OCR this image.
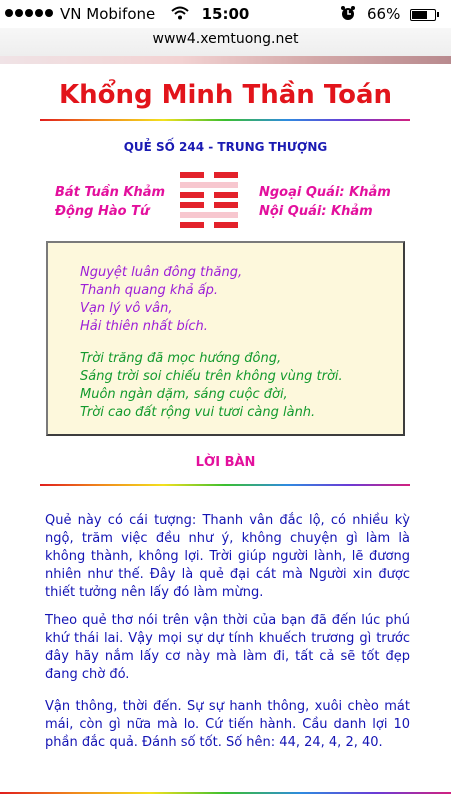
VN Mobifone	15:00	66%
www4.xemtuong.net
Khổng Minh Thần Toán
QUẺ SỐ 244 - TRUNG THƯỢNG
Bát Tuần Khảm
Động Hào Tứ
Ngoại Quái: Khảm
Nội Quái: Khảm
Nguyệt luân đông thăng,
Thanh quang khả ấp.
Vạn lý vô vân,
Hải thiên nhất bích.
Trời trăng đã mọc hướng đông,
Sáng trời soi chiếu trên không vùng trời.
Muôn ngàn dặm, sáng cuộc đời,
Trời cao đất rộng vui tươi càng lành.
LỜI BÀN
Quẻ này có cái tượng: Thanh vân đắc lộ, có nhiều kỳ ngộ, trăm việc đều như ý, không chuyện gì làm là không thành, không lợi. Trời giúp người lành, lẽ đương nhiên như thế. Đây là quẻ đại cát mà Người xin được thiết tưởng nên lấy đó làm mừng.
Theo quẻ thơ nói trên vận thời của bạn đã đến lúc phú khứ thái lai. Vậy mọi sự dự tính khuếch trương gì trước đây hãy nắm lấy cơ này mà làm đi, tất cả sẽ tốt đẹp đang chờ đó.
Vận thông, thời đến. Sự sự hanh thông, xuôi chèo mát mái, còn gì nữa mà lo. Cứ tiến hành. Cầu danh lợi 10 phần đắc quả. Đánh số tốt. Số hên: 44, 24, 4, 2, 40.
